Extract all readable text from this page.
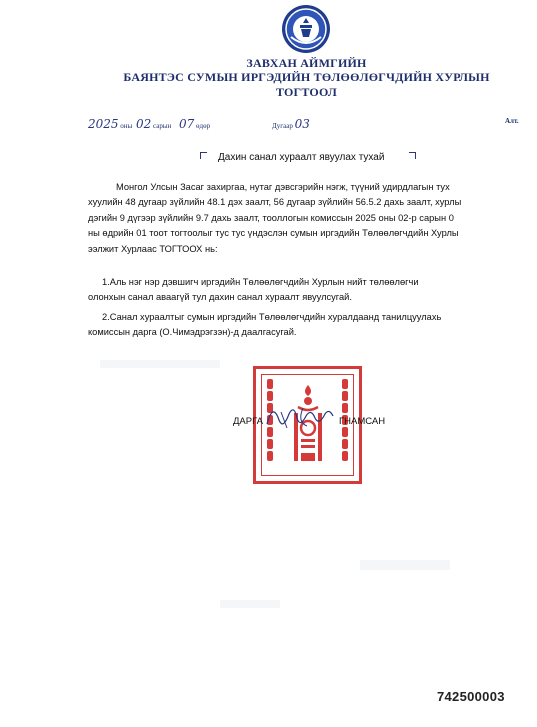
ЗАВХАН АЙМГИЙН
БАЯНТЭС СУМЫН ИРГЭДИЙН ТӨЛӨӨЛӨГЧДИЙН ХУРЛЫН
ТОГТООЛ
2025 оны 02 сарын 07 өдөр	Дугаар 03	Алт.
Дахин санал хураалт явуулах тухай
Монгол Улсын Засаг захиргаа, нутаг дэвсгэрийн нэгж, түүний удирдлагын тух
хуулийн 48 дугаар зүйлийн 48.1 дэх заалт, 56 дугаар зүйлийн 56.5.2 дахь заалт, хурлы
дэгийн 9 дүгээр зүйлийн 9.7 дахь заалт, тооллогын комиссын 2025 оны 02-р сарын 0
ны өдрийн 01 тоот тогтоолыг тус тус үндэслэн сумын иргэдийн Төлөөлөгчдийн Хурлы
ээлжит Хурлаас ТОГТООХ нь:
1.Аль нэг нэр дэвшигч иргэдийн Төлөөлөгчдийн Хурлын нийт төлөөлөгчи
олонхын санал аваагүй тул дахин санал хураалт явуулсугай.
2.Санал хураалтыг сумын иргэдийн Төлөөлөгчдийн хуралдаанд танилцуулахь
комиссын дарга (О.Чимэдрэгзэн)-д даалгасугай.
ДАРГА	ГНАМСАН
742500003
